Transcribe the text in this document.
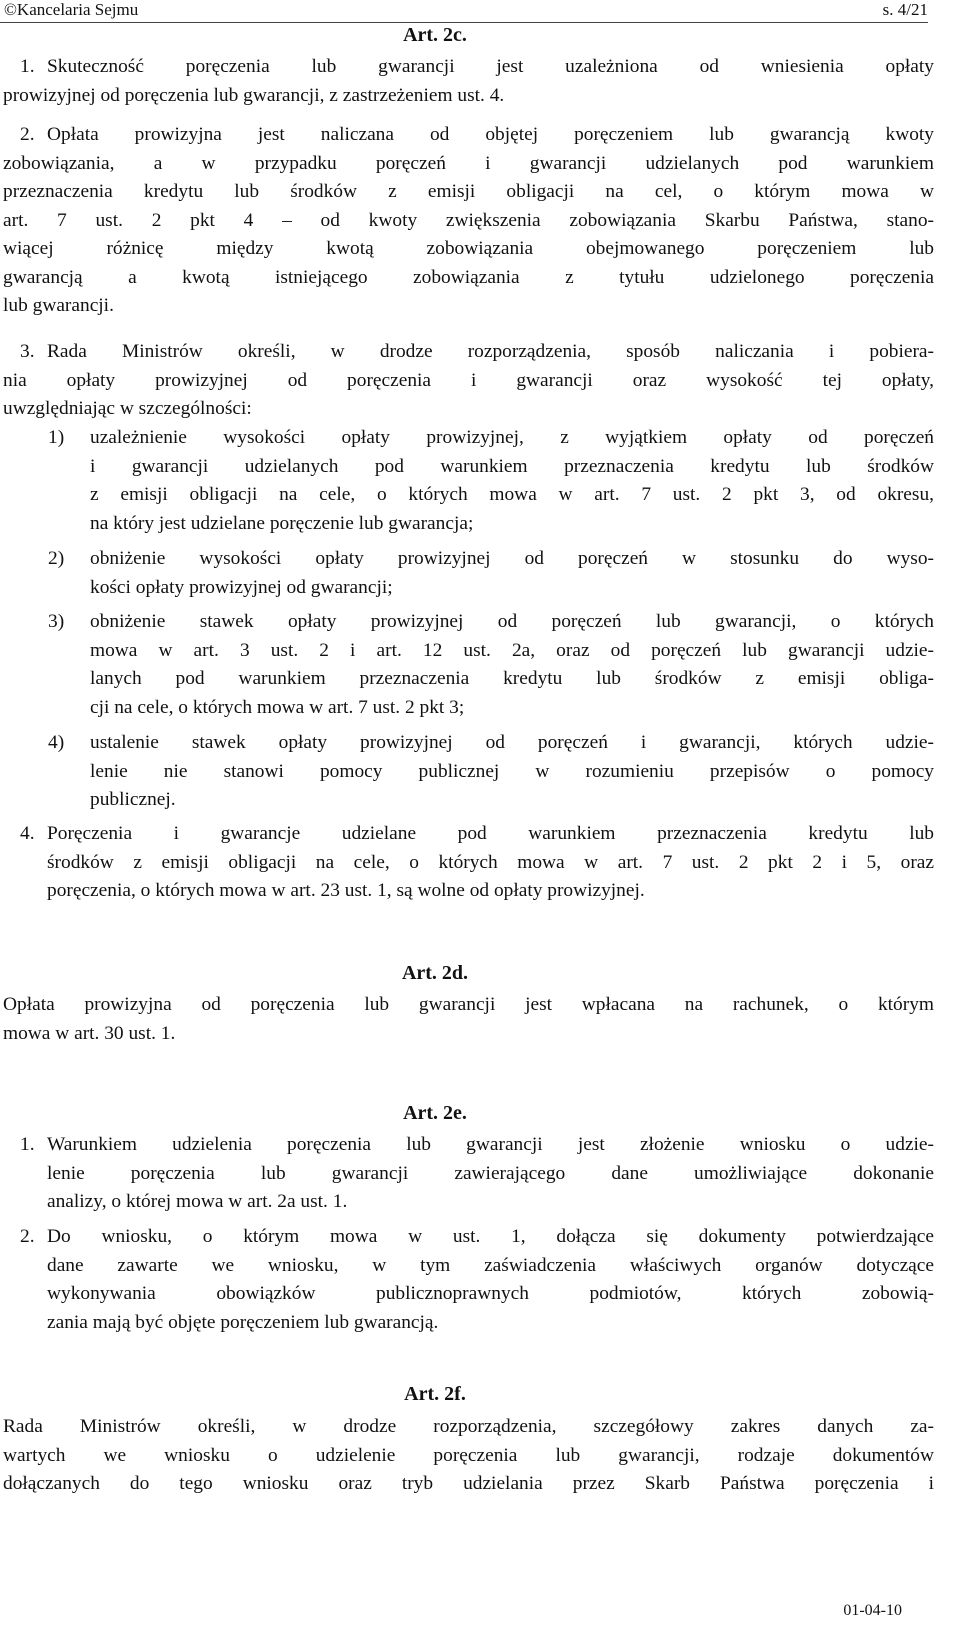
©Kancelaria Sejmu	s. 4/21
Art. 2c.
1. Skuteczność poręczenia lub gwarancji jest uzależniona od wniesienia opłaty
prowizyjnej od poręczenia lub gwarancji, z zastrzeżeniem ust. 4.
2. Opłata prowizyjna jest naliczana od objętej poręczeniem lub gwarancją kwoty
zobowiązania, a w przypadku poręczeń i gwarancji udzielanych pod warunkiem
przeznaczenia kredytu lub środków z emisji obligacji na cel, o którym mowa w
art. 7 ust. 2 pkt 4 – od kwoty zwiększenia zobowiązania Skarbu Państwa, stano-
wiącej różnicę między kwotą zobowiązania obejmowanego poręczeniem lub
gwarancją a kwotą istniejącego zobowiązania z tytułu udzielonego poręczenia
lub gwarancji.
3. Rada Ministrów określi, w drodze rozporządzenia, sposób naliczania i pobiera-
nia opłaty prowizyjnej od poręczenia i gwarancji oraz wysokość tej opłaty,
uwzględniając w szczególności:
1) uzależnienie wysokości opłaty prowizyjnej, z wyjątkiem opłaty od poręczeń
i gwarancji udzielanych pod warunkiem przeznaczenia kredytu lub środków
z emisji obligacji na cele, o których mowa w art. 7 ust. 2 pkt 3, od okresu,
na który jest udzielane poręczenie lub gwarancja;
2) obniżenie wysokości opłaty prowizyjnej od poręczeń w stosunku do wyso-
kości opłaty prowizyjnej od gwarancji;
3) obniżenie stawek opłaty prowizyjnej od poręczeń lub gwarancji, o których
mowa w art. 3 ust. 2 i art. 12 ust. 2a, oraz od poręczeń lub gwarancji udzie-
lanych pod warunkiem przeznaczenia kredytu lub środków z emisji obliga-
cji na cele, o których mowa w art. 7 ust. 2 pkt 3;
4) ustalenie stawek opłaty prowizyjnej od poręczeń i gwarancji, których udzie-
lenie nie stanowi pomocy publicznej w rozumieniu przepisów o pomocy
publicznej.
4. Poręczenia i gwarancje udzielane pod warunkiem przeznaczenia kredytu lub
środków z emisji obligacji na cele, o których mowa w art. 7 ust. 2 pkt 2 i 5, oraz
poręczenia, o których mowa w art. 23 ust. 1, są wolne od opłaty prowizyjnej.
Art. 2d.
Opłata prowizyjna od poręczenia lub gwarancji jest wpłacana na rachunek, o którym
mowa w art. 30 ust. 1.
Art. 2e.
1. Warunkiem udzielenia poręczenia lub gwarancji jest złożenie wniosku o udzie-
lenie poręczenia lub gwarancji zawierającego dane umożliwiające dokonanie
analizy, o której mowa w art. 2a ust. 1.
2. Do wniosku, o którym mowa w ust. 1, dołącza się dokumenty potwierdzające
dane zawarte we wniosku, w tym zaświadczenia właściwych organów dotyczące
wykonywania obowiązków publicznoprawnych podmiotów, których zobowią-
zania mają być objęte poręczeniem lub gwarancją.
Art. 2f.
Rada Ministrów określi, w drodze rozporządzenia, szczegółowy zakres danych za-
wartych we wniosku o udzielenie poręczenia lub gwarancji, rodzaje dokumentów
dołączanych do tego wniosku oraz tryb udzielania przez Skarb Państwa poręczenia i
01-04-10
